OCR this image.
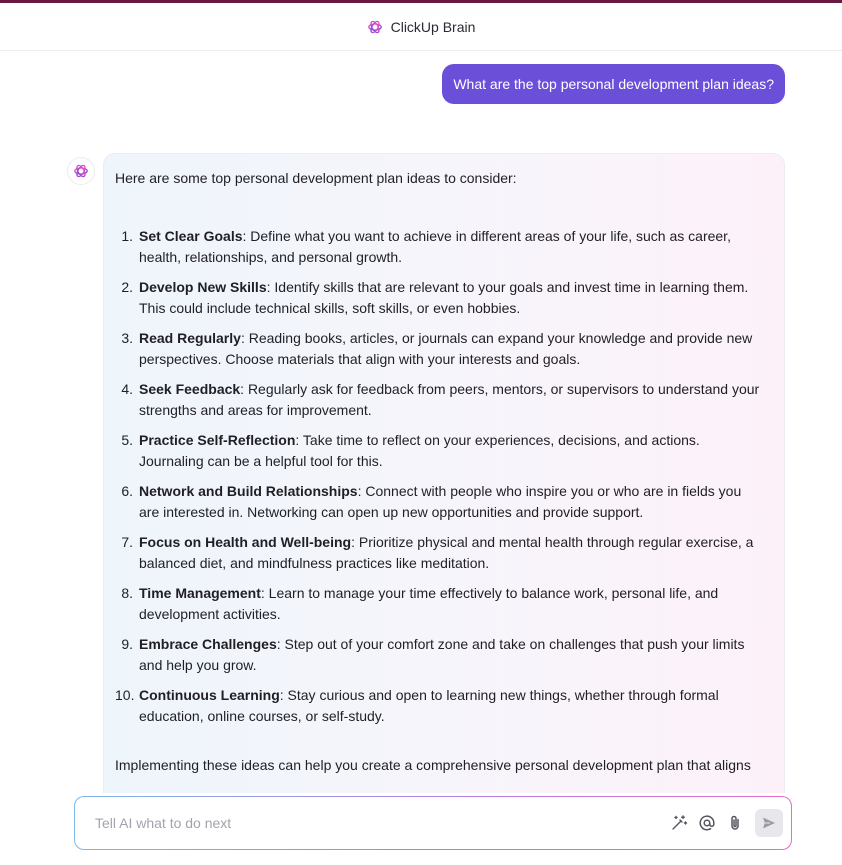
ClickUp Brain
What are the top personal development plan ideas?

Here are some top personal development plan ideas to consider:

1. Set Clear Goals: Define what you want to achieve in different areas of your life, such as career, health, relationships, and personal growth.
2. Develop New Skills: Identify skills that are relevant to your goals and invest time in learning them. This could include technical skills, soft skills, or even hobbies.
3. Read Regularly: Reading books, articles, or journals can expand your knowledge and provide new perspectives. Choose materials that align with your interests and goals.
4. Seek Feedback: Regularly ask for feedback from peers, mentors, or supervisors to understand your strengths and areas for improvement.
5. Practice Self-Reflection: Take time to reflect on your experiences, decisions, and actions. Journaling can be a helpful tool for this.
6. Network and Build Relationships: Connect with people who inspire you or who are in fields you are interested in. Networking can open up new opportunities and provide support.
7. Focus on Health and Well-being: Prioritize physical and mental health through regular exercise, a balanced diet, and mindfulness practices like meditation.
8. Time Management: Learn to manage your time effectively to balance work, personal life, and development activities.
9. Embrace Challenges: Step out of your comfort zone and take on challenges that push your limits and help you grow.
10. Continuous Learning: Stay curious and open to learning new things, whether through formal education, online courses, or self-study.

Implementing these ideas can help you create a comprehensive personal development plan that aligns

Tell AI what to do next
